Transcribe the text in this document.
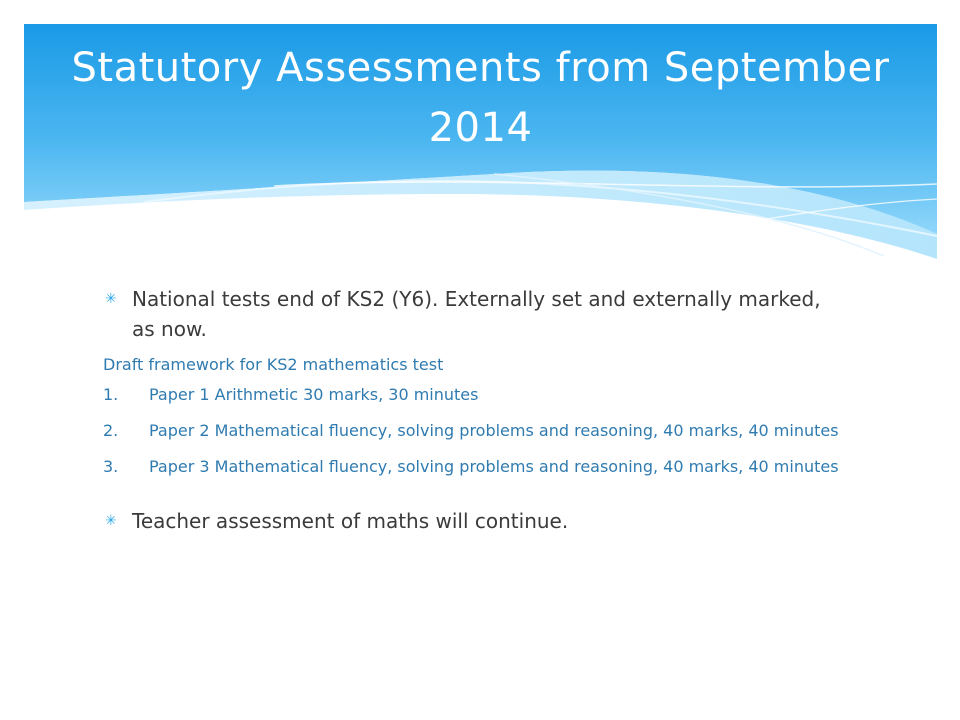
Statutory Assessments from September 2014
✳ National tests end of KS2 (Y6). Externally set and externally marked, as now.
Draft framework for KS2 mathematics test
1. Paper 1 Arithmetic 30 marks, 30 minutes
2. Paper 2 Mathematical fluency, solving problems and reasoning, 40 marks, 40 minutes
3. Paper 3 Mathematical fluency, solving problems and reasoning, 40 marks, 40 minutes
✳ Teacher assessment of maths will continue.
